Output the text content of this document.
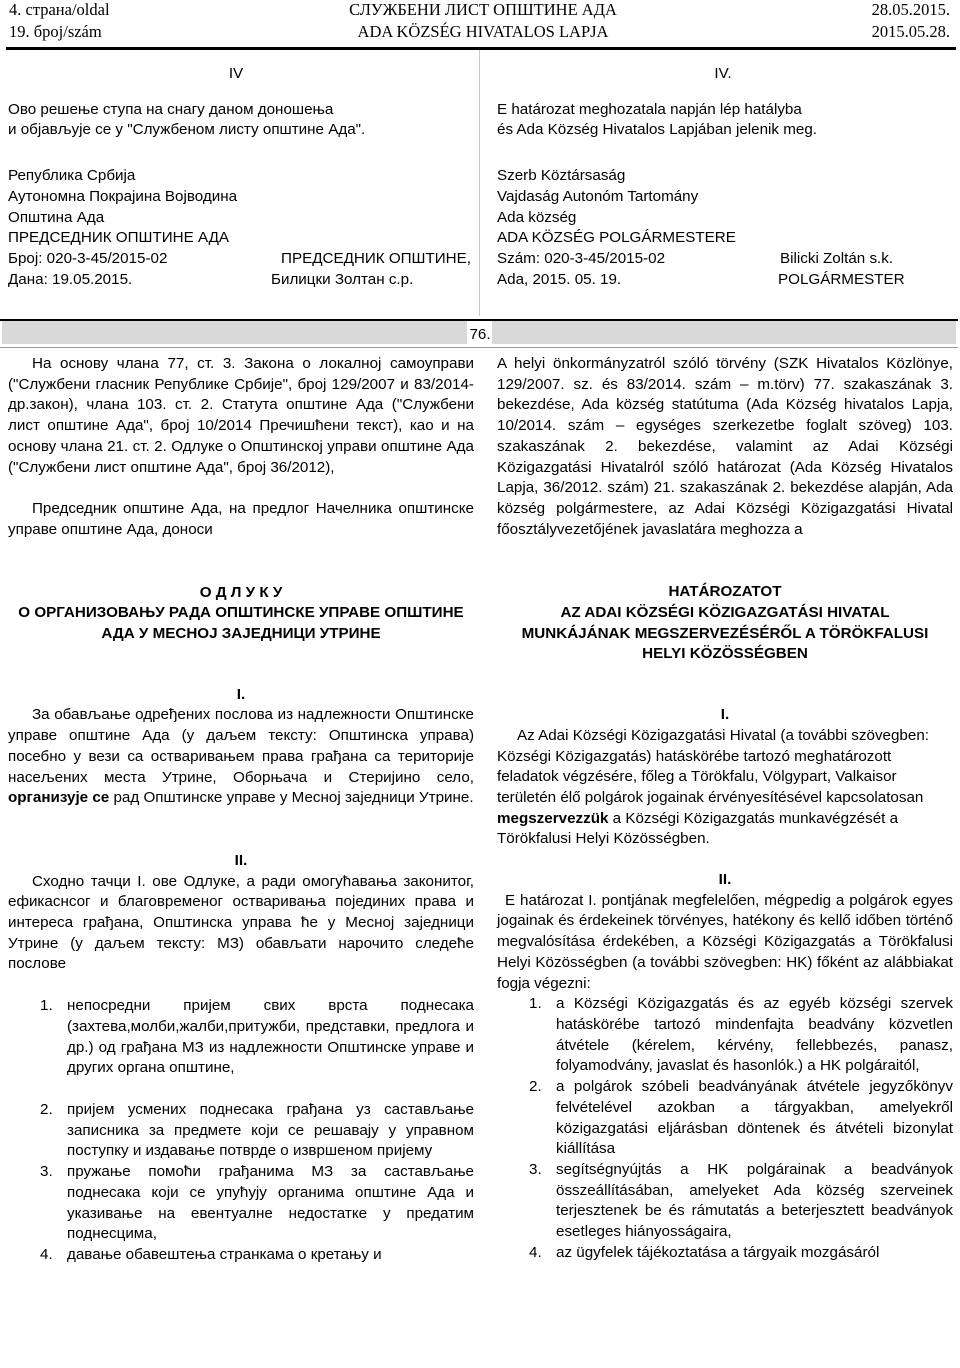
4. страна/oldal
19. број/szám
СЛУЖБЕНИ ЛИСТ ОПШТИНЕ АДА
ADA KÖZSÉG HIVATALOS LAPJA
28.05.2015.
2015.05.28.

IV

Ово решење ступа на снагу даном доношења
и објављује се у "Службеном листу општине Ада".

Република Србија
Аутономна Покрајина Војводина
Општина Ада
ПРЕДСЕДНИК ОПШТИНЕ АДА

Број: 020-3-45/2015-02	ПРЕДСЕДНИК ОПШТИНЕ,
Дана: 19.05.2015.	Билицки Золтан с.р.

IV.

E határozat meghozatala napján lép hatályba
és Ada Község Hivatalos Lapjában jelenik meg.

Szerb Köztársaság
Vajdaság Autonóm Tartomány
Ada község
ADA KÖZSÉG POLGÁRMESTERE

Szám: 020-3-45/2015-02	Bilicki Zoltán s.k.
Ada, 2015. 05. 19.	POLGÁRMESTER
76.

На основу члана 77, ст. 3. Закона о локалној самоуправи ("Службени гласник Републике Србије", број 129/2007 и 83/2014-др.закон), члана 103. ст. 2. Статута општине Ада ("Службени лист општине Ада", број 10/2014 Пречишћени текст), као и на основу члана 21. ст. 2. Одлуке о Општинској управи општине Ада ("Службени лист општине Ада", број 36/2012),

Председник општине Ада, на предлог Начелника општинске управе општине Ада, доноси

О Д Л У К У

О ОРГАНИЗОВАЊУ РАДА ОПШТИНСКЕ УПРАВЕ ОПШТИНЕ АДА У МЕСНОЈ ЗАЈЕДНИЦИ УТРИНЕ

I.

За обављање одређених послова из надлежности Општинске управе општине Ада (у даљем тексту: Општинска управа) посебно у вези са остваривањем права грађана са територије насељених места Утрине, Оборњача и Стеријино село, организује се рад Општинске управе у Месној заједници Утрине.

II.

Сходно тачци I. ове Одлуке, а ради омогућавања законитог, ефикаснсог и благовременог остваривања појединих права и интереса грађана, Општинска управа ће у Месној заједници Утрине (у даљем тексту: МЗ) обављати нарочито следеће послове

1. непосредни пријем свих врста поднесака (захтева,молби,жалби,притужби, представки, предлога и др.) од грађана МЗ из надлежности Општинске управе и других органа општине,
2. пријем усмених поднесака грађана уз састављање записника за предмете који се решавају у управном поступку и издавање потврде о извршеном пријему
3. пружање помоћи грађанима МЗ за састављање поднесака који се упућују органима општине Ада и указивање на евентуалне недостатке у предатим поднесцима,
4. давање обавештења странкама о кретању и

A helyi önkormányzatról szóló törvény (SZK Hivatalos Közlönye, 129/2007. sz. és 83/2014. szám – m.törv) 77. szakaszának 3. bekezdése, Ada község statútuma (Ada Község hivatalos Lapja, 10/2014. szám – egységes szerkezetbe foglalt szöveg) 103. szakaszának 2. bekezdése, valamint az Adai Községi Közigazgatási Hivatalról szóló határozat (Ada Község Hivatalos Lapja, 36/2012. szám) 21. szakaszának 2. bekezdése alapján, Ada község polgármestere, az Adai Községi Közigazgatási Hivatal főosztályvezetőjének javaslatára meghozza a

HATÁROZATOT

AZ ADAI KÖZSÉGI KÖZIGAZGATÁSI HIVATAL MUNKÁJÁNAK MEGSZERVEZÉSÉRŐL A TÖRÖKFALUSI HELYI KÖZÖSSÉGBEN

I.

Az Adai Községi Közigazgatási Hivatal (a további szövegben: Községi Közigazgatás) hatáskörébe tartozó meghatározott feladatok végzésére, főleg a Törökfalu, Völgypart, Valkaisor területén élő polgárok jogainak érvényesítésével kapcsolatosan megszervezzük a Községi Közigazgatás munkavégzését a Törökfalusi Helyi Közösségben.

II.

E határozat I. pontjának megfelelően, mégpedig a polgárok egyes jogainak és érdekeinek törvényes, hatékony és kellő időben történő megvalósítása érdekében, a Községi Közigazgatás a Törökfalusi Helyi Közösségben (a további szövegben: HK) főként az alábbiakat fogja végezni:

1. a Községi Közigazgatás és az egyéb községi szervek hatáskörébe tartozó mindenfajta beadvány közvetlen átvétele (kérelem, kérvény, fellebbezés, panasz, folyamodvány, javaslat és hasonlók.) a HK polgáraitól,
2. a polgárok szóbeli beadványának átvétele jegyzőkönyv felvételével azokban a tárgyakban, amelyekről közigazgatási eljárásban döntenek és átvételi bizonylat kiállítása
3. segítségnyújtás a HK polgárainak a beadványok összeállításában, amelyeket Ada község szerveinek terjesztenek be és rámutatás a beterjesztett beadványok esetleges hiányosságaira,
4. az ügyfelek tájékoztatása a tárgyaik mozgásáról
